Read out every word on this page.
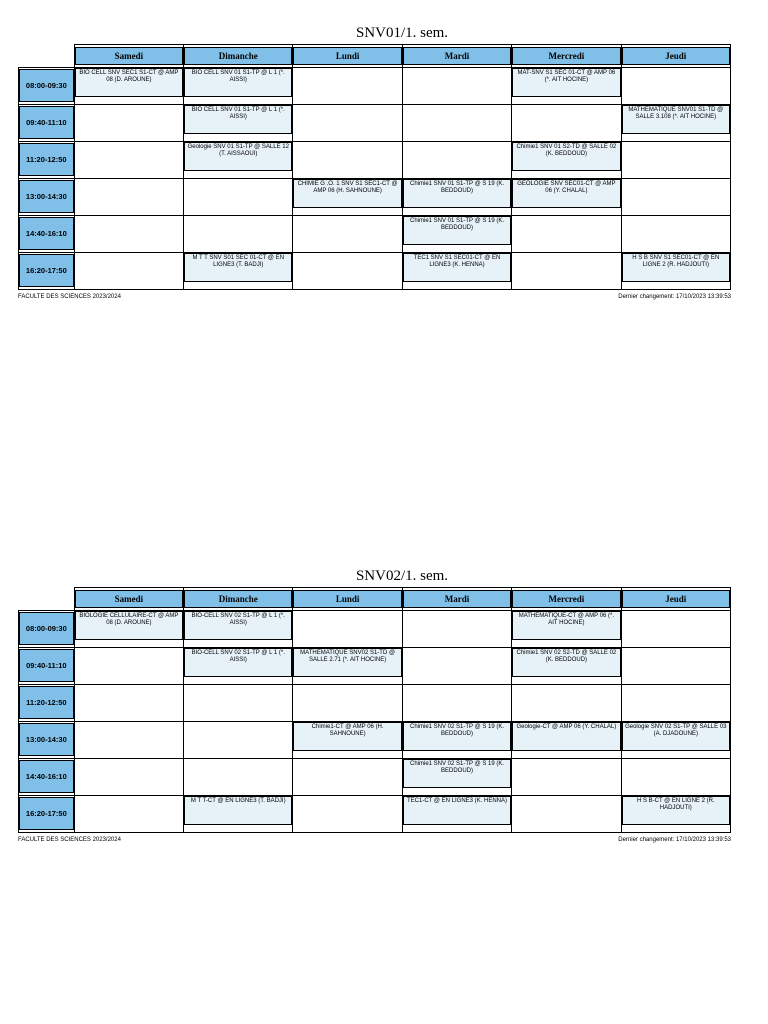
SNV01/1. sem.

	Samedi	Dimanche	Lundi	Mardi	Mercredi	Jeudi

08:00-09:30	BIO CELL SNV SEC1 S1-CT @ AMP 08 (D. AROUNE)	BIO CELL SNV 01 S1-TP @ L 1 (*. AISSI)			MAT-SNV S1 SEC 01-CT @ AMP 06 (*. AIT HOCINE)	

09:40-11:10		BIO CELL SNV 01 S1-TP @ L 1 (*. AISSI)				MATHEMATIQUE SNV01 S1-TD @ SALLE 3.108 (*. AIT HOCINE)

11:20-12:50		Geologie SNV 01 S1-TP @ SALLE 12 (T. AISSAOUI)			Chimie1 SNV 01 S2-TD @ SALLE 02 (K. BEDDOUD)	

13:00-14:30			CHIMIE G .O. 1 SNV S1 SEC1-CT @ AMP 06 (H. SAHNOUNE)	Chimie1 SNV 01 S1-TP @ S 19 (K. BEDDOUD)	GEOLOGIE SNV SEC01-CT @ AMP 06 (Y. CHALAL)	

14:40-16:10				Chimie1 SNV 01 S1-TP @ S 19 (K. BEDDOUD)		

16:20-17:50		M T T SNV S01 SEC 01-CT @ EN LIGNE3 (T. BADJI)		TEC1 SNV S1 SEC01-CT @ EN LIGNE3 (K. HENNA)		H S B SNV S1 SEC01-CT @ EN LIGNE 2 (R. HADJOUTI)
FACULTE DES SCIENCES 2023/2024	Dernier changement: 17/10/2023 13:39:53
SNV02/1. sem.

	Samedi	Dimanche	Lundi	Mardi	Mercredi	Jeudi

08:00-09:30	BIOLOGIE CELLULAIRE-CT @ AMP 08 (D. AROUNE)	BIO-CELL SNV 02 S1-TP @ L 1 (*. AISSI)			MATHEMATIQUE-CT @ AMP 06 (*. AIT HOCINE)	

09:40-11:10		BIO-CELL SNV 02 S1-TP @ L 1 (*. AISSI)	MATHEMATIQUE SNV02 S1-TD @ SALLE 2.71 (*. AIT HOCINE)		Chimie1 SNV 02 S2-TD @ SALLE 02 (K. BEDDOUD)	

11:20-12:50						

13:00-14:30			Chimie1-CT @ AMP 06 (H. SAHNOUNE)	Chimie1 SNV 02 S1-TP @ S 19 (K. BEDDOUD)	Geologie-CT @ AMP 06 (Y. CHALAL)	Geologie SNV 02 S1-TP @ SALLE 03 (A. DJADOUNE)

14:40-16:10				Chimie1 SNV 02 S1-TP @ S 19 (K. BEDDOUD)		

16:20-17:50		M T T-CT @ EN LIGNE3 (T. BADJI)		TEC1-CT @ EN LIGNE3 (K. HENNA)		H S B-CT @ EN LIGNE 2 (R. HADJOUTI)
FACULTE DES SCIENCES 2023/2024	Dernier changement: 17/10/2023 13:39:53
